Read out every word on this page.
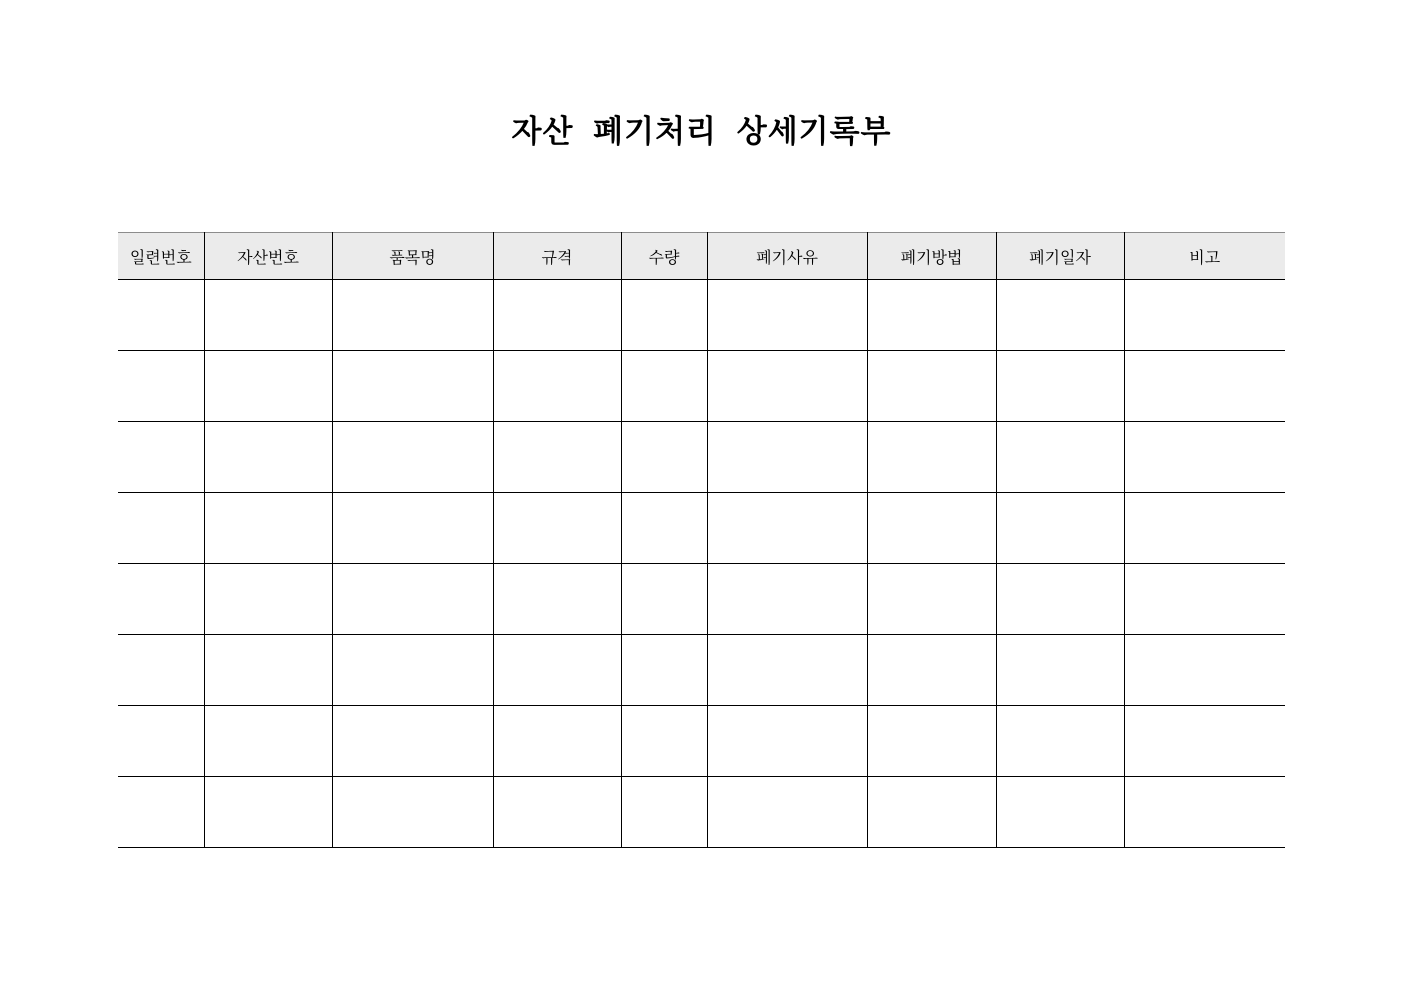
자산 폐기처리 상세기록부
일련번호	자산번호	품목명	규격	수량	폐기사유	폐기방법	폐기일자	비고
